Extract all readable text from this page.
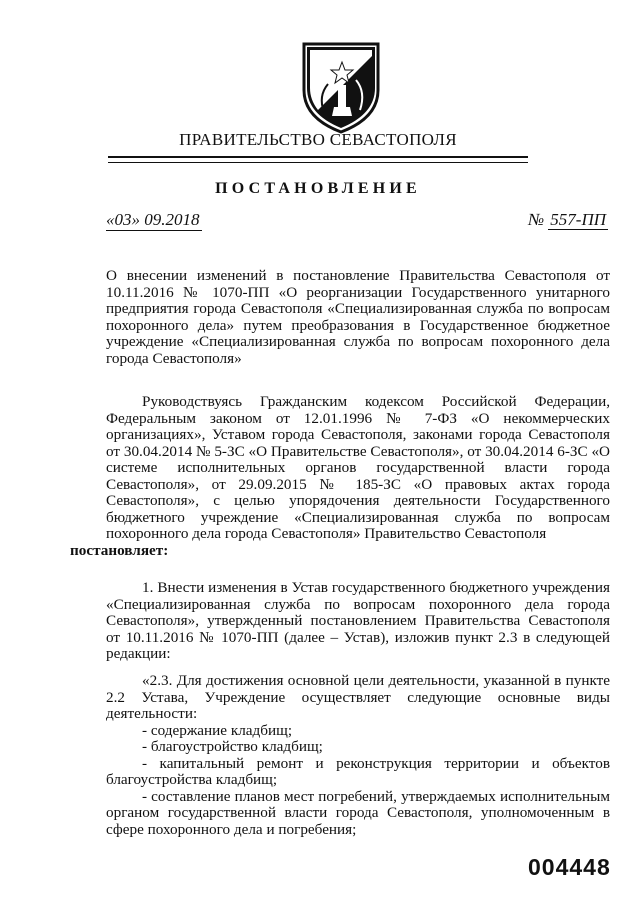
ПРАВИТЕЛЬСТВО СЕВАСТОПОЛЯ
ПОСТАНОВЛЕНИЕ
«03» 09.2018	№ 557-ПП
О внесении изменений в постановление Правительства Севастополя от 10.11.2016 № 1070-ПП «О реорганизации Государственного унитарного предприятия города Севастополя «Специализированная служба по вопросам похоронного дела» путем преобразования в Государственное бюджетное учреждение «Специализированная служба по вопросам похоронного дела города Севастополя»

Руководствуясь Гражданским кодексом Российской Федерации, Федеральным законом от 12.01.1996 № 7-ФЗ «О некоммерческих организациях», Уставом города Севастополя, законами города Севастополя от 30.04.2014 № 5-ЗС «О Правительстве Севастополя», от 30.04.2014 6-ЗС «О системе исполнительных органов государственной власти города Севастополя», от 29.09.2015 № 185-ЗС «О правовых актах города Севастополя», с целью упорядочения деятельности Государственного бюджетного учреждение «Специализированная служба по вопросам похоронного дела города Севастополя» Правительство Севастополя
постановляет:

1. Внести изменения в Устав государственного бюджетного учреждения «Специализированная служба по вопросам похоронного дела города Севастополя», утвержденный постановлением Правительства Севастополя от 10.11.2016 № 1070-ПП (далее – Устав), изложив пункт 2.3 в следующей редакции:

«2.3. Для достижения основной цели деятельности, указанной в пункте 2.2 Устава, Учреждение осуществляет следующие основные виды деятельности:

- содержание кладбищ;

- благоустройство кладбищ;

- капитальный ремонт и реконструкция территории и объектов благоустройства кладбищ;

- составление планов мест погребений, утверждаемых исполнительным органом государственной власти города Севастополя, уполномоченным в сфере похоронного дела и погребения;

004448
